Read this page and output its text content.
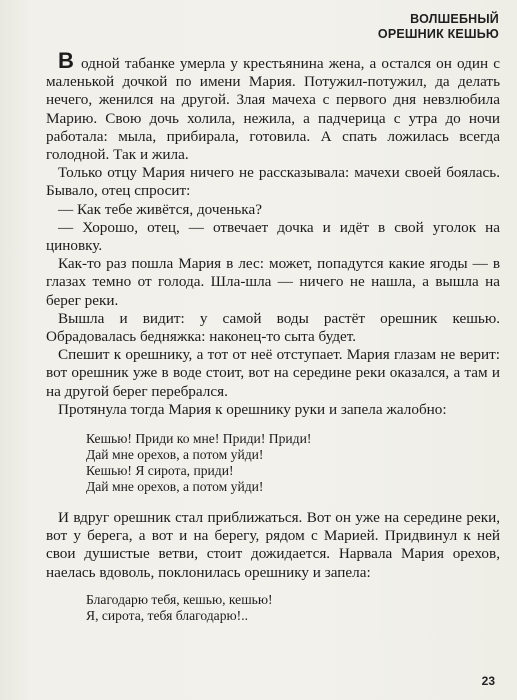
ВОЛШЕБНЫЙ
ОРЕШНИК КЕШЬЮ

В одной табанке умерла у крестьянина жена, а остался он один с маленькой дочкой по имени Мария. Потужил-потужил, да делать нечего, женился на другой. Злая мачеха с первого дня невзлюбила Марию. Свою дочь холила, нежила, а падчерица с утра до ночи работала: мыла, прибирала, готовила. А спать ложилась всегда голодной. Так и жила.

Только отцу Мария ничего не рассказывала: мачехи своей боялась. Бывало, отец спросит:

— Как тебе живётся, доченька?

— Хорошо, отец, — отвечает дочка и идёт в свой уголок на циновку.

Как-то раз пошла Мария в лес: может, попадутся какие ягоды — в глазах темно от голода. Шла-шла — ничего не нашла, а вышла на берег реки.

Вышла и видит: у самой воды растёт орешник кешью. Обрадовалась бедняжка: наконец-то сыта будет.

Спешит к орешнику, а тот от неё отступает. Мария глазам не верит: вот орешник уже в воде стоит, вот на середине реки оказался, а там и на другой берег перебрался.

Протянула тогда Мария к орешнику руки и запела жалобно:

Кешью! Приди ко мне! Приди! Приди!
Дай мне орехов, а потом уйди!
Кешью! Я сирота, приди!
Дай мне орехов, а потом уйди!

И вдруг орешник стал приближаться. Вот он уже на середине реки, вот у берега, а вот и на берегу, рядом с Марией. Придвинул к ней свои душистые ветви, стоит дожидается. Нарвала Мария орехов, наелась вдоволь, поклонилась орешнику и запела:

Благодарю тебя, кешью, кешью!
Я, сирота, тебя благодарю!..
23
